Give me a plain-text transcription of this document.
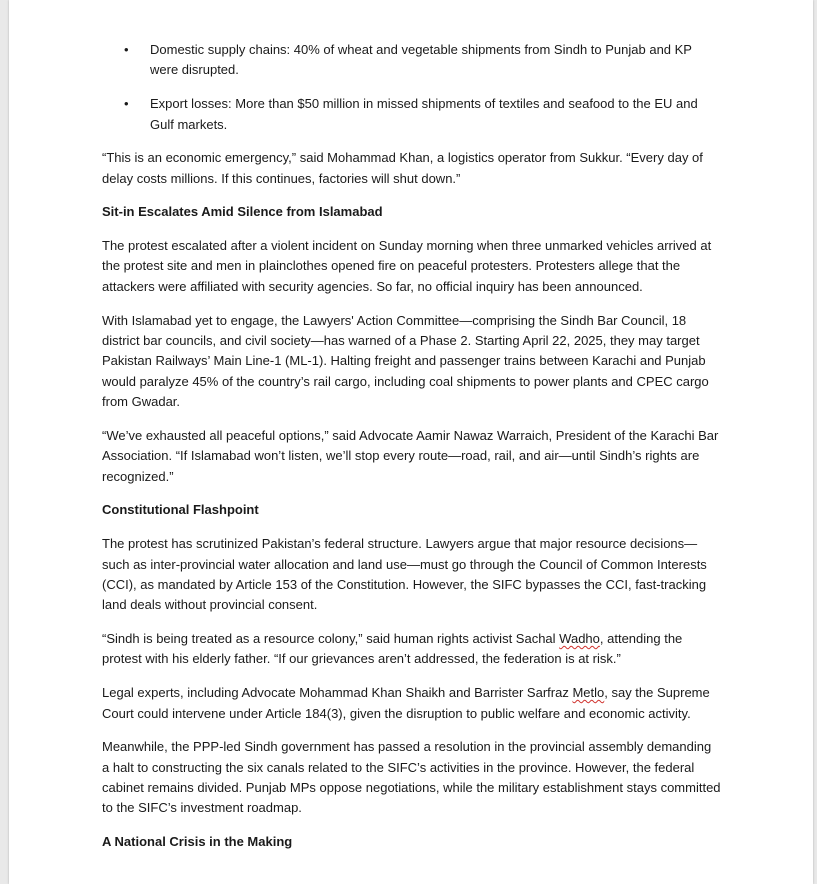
• Domestic supply chains: 40% of wheat and vegetable shipments from Sindh to Punjab and KP were disrupted.
• Export losses: More than $50 million in missed shipments of textiles and seafood to the EU and Gulf markets.

“This is an economic emergency,” said Mohammad Khan, a logistics operator from Sukkur. “Every day of delay costs millions. If this continues, factories will shut down.”

Sit-in Escalates Amid Silence from Islamabad

The protest escalated after a violent incident on Sunday morning when three unmarked vehicles arrived at the protest site and men in plainclothes opened fire on peaceful protesters. Protesters allege that the attackers were affiliated with security agencies. So far, no official inquiry has been announced.

With Islamabad yet to engage, the Lawyers' Action Committee—comprising the Sindh Bar Council, 18 district bar councils, and civil society—has warned of a Phase 2. Starting April 22, 2025, they may target Pakistan Railways’ Main Line-1 (ML-1). Halting freight and passenger trains between Karachi and Punjab would paralyze 45% of the country’s rail cargo, including coal shipments to power plants and CPEC cargo from Gwadar.

“We’ve exhausted all peaceful options,” said Advocate Aamir Nawaz Warraich, President of the Karachi Bar Association. “If Islamabad won’t listen, we’ll stop every route—road, rail, and air—until Sindh’s rights are recognized.”

Constitutional Flashpoint

The protest has scrutinized Pakistan’s federal structure. Lawyers argue that major resource decisions—such as inter-provincial water allocation and land use—must go through the Council of Common Interests (CCI), as mandated by Article 153 of the Constitution. However, the SIFC bypasses the CCI, fast-tracking land deals without provincial consent.

“Sindh is being treated as a resource colony,” said human rights activist Sachal Wadho, attending the protest with his elderly father. “If our grievances aren’t addressed, the federation is at risk.”

Legal experts, including Advocate Mohammad Khan Shaikh and Barrister Sarfraz Metlo, say the Supreme Court could intervene under Article 184(3), given the disruption to public welfare and economic activity.

Meanwhile, the PPP-led Sindh government has passed a resolution in the provincial assembly demanding a halt to constructing the six canals related to the SIFC’s activities in the province. However, the federal cabinet remains divided. Punjab MPs oppose negotiations, while the military establishment stays committed to the SIFC’s investment roadmap.

A National Crisis in the Making
